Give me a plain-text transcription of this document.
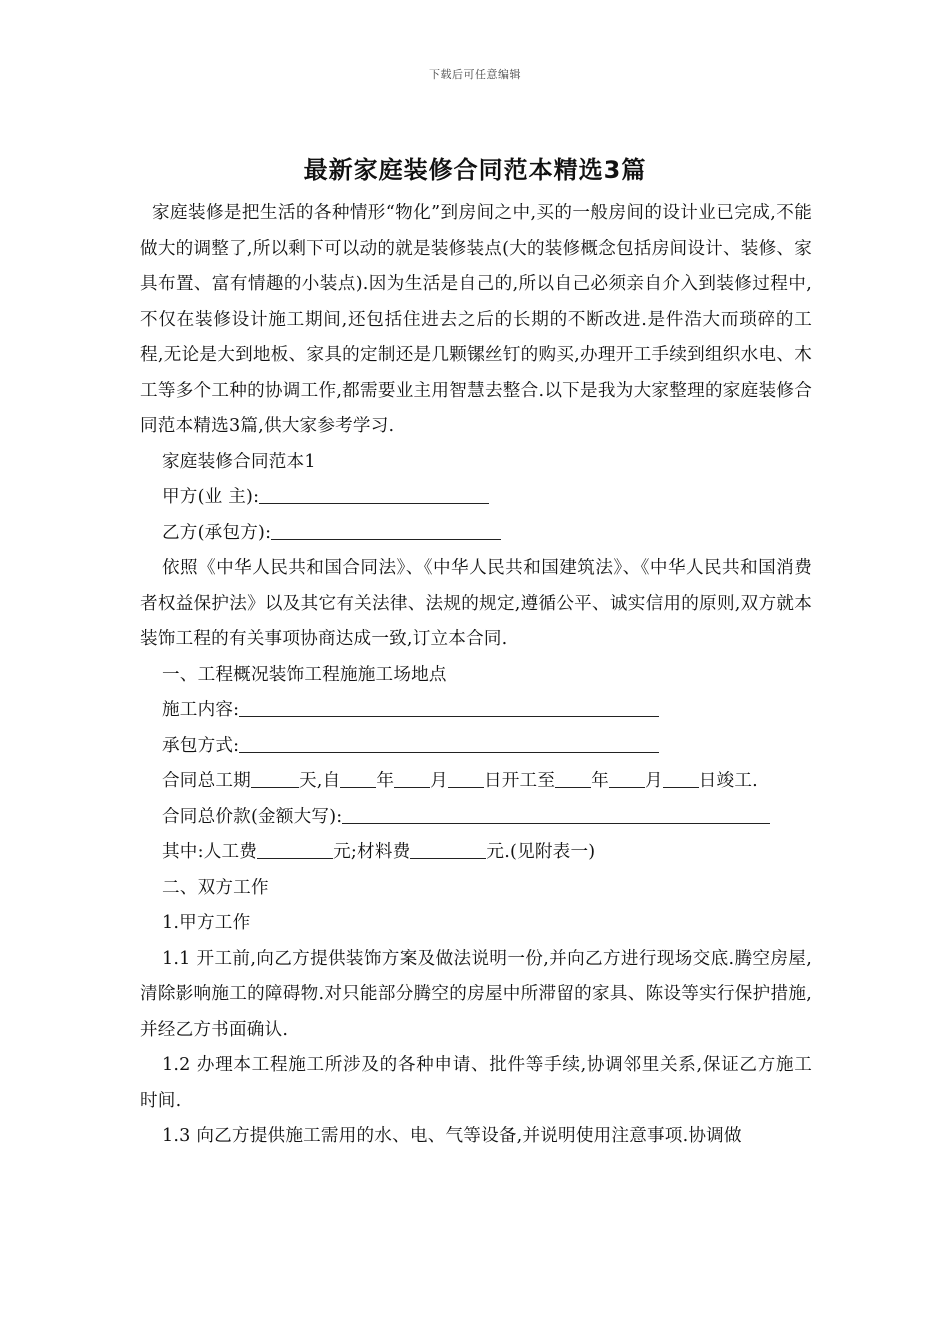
下载后可任意编辑
最新家庭装修合同范本精选3篇

家庭装修是把生活的各种情形“物化”到房间之中,买的一般房间的设计业已完成,不能做大的调整了,所以剩下可以动的就是装修装点(大的装修概念包括房间设计、装修、家具布置、富有情趣的小装点).因为生活是自己的,所以自己必须亲自介入到装修过程中,不仅在装修设计施工期间,还包括住进去之后的长期的不断改进.是件浩大而琐碎的工程,无论是大到地板、家具的定制还是几颗镙丝钉的购买,办理开工手续到组织水电、木工等多个工种的协调工作,都需要业主用智慧去整合.以下是我为大家整理的家庭装修合同范本精选3篇,供大家参考学习.

家庭装修合同范本1

甲方(业 主):

乙方(承包方):

依照《中华人民共和国合同法》、《中华人民共和国建筑法》、《中华人民共和国消费者权益保护法》以及其它有关法律、法规的规定,遵循公平、诚实信用的原则,双方就本装饰工程的有关事项协商达成一致,订立本合同.

一、工程概况装饰工程施施工场地点

施工内容:

承包方式:

合同总工期	天,自 年 月 日开工至 年 月 日竣工.

合同总价款(金额大写):

其中:人工费	元;材料费	元.(见附表一)

二、双方工作

1.甲方工作

1.1 开工前,向乙方提供装饰方案及做法说明一份,并向乙方进行现场交底.腾空房屋,清除影响施工的障碍物.对只能部分腾空的房屋中所滞留的家具、陈设等实行保护措施,并经乙方书面确认.

1.2 办理本工程施工所涉及的各种申请、批件等手续,协调邻里关系,保证乙方施工时间.

1.3 向乙方提供施工需用的水、电、气等设备,并说明使用注意事项.协调做
